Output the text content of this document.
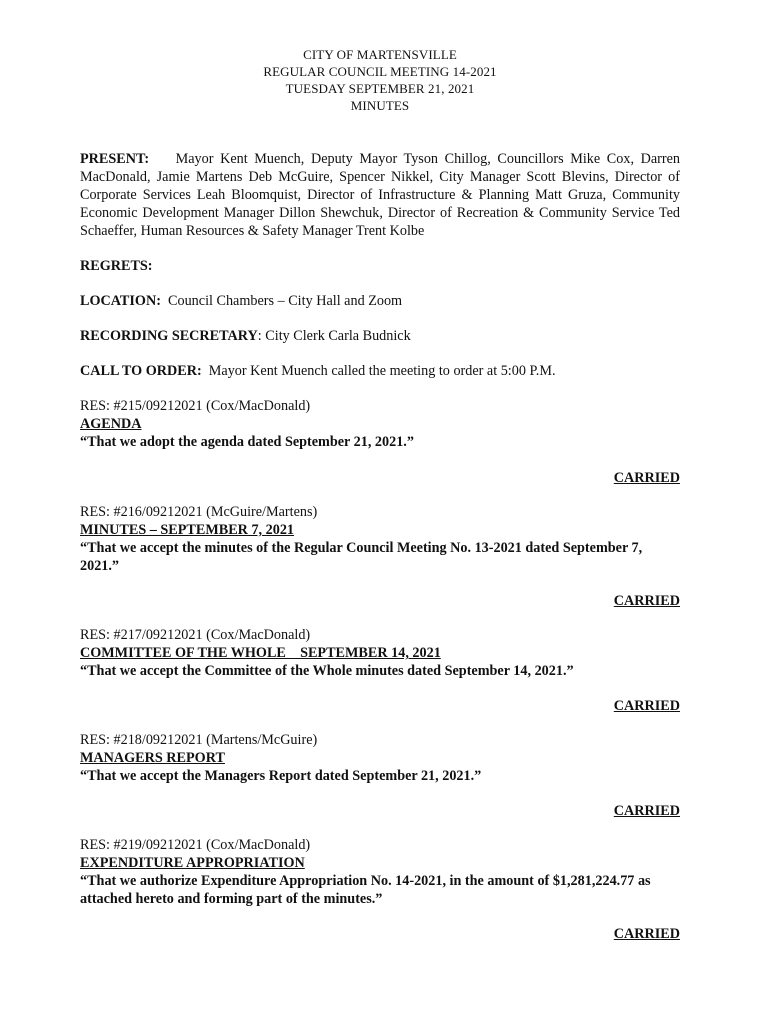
CITY OF MARTENSVILLE
REGULAR COUNCIL MEETING 14-2021
TUESDAY SEPTEMBER 21, 2021
MINUTES

PRESENT: Mayor Kent Muench, Deputy Mayor Tyson Chillog, Councillors Mike Cox, Darren MacDonald, Jamie Martens Deb McGuire, Spencer Nikkel, City Manager Scott Blevins, Director of Corporate Services Leah Bloomquist, Director of Infrastructure & Planning Matt Gruza, Community Economic Development Manager Dillon Shewchuk, Director of Recreation & Community Service Ted Schaeffer, Human Resources & Safety Manager Trent Kolbe

REGRETS:

LOCATION: Council Chambers – City Hall and Zoom

RECORDING SECRETARY: City Clerk Carla Budnick

CALL TO ORDER: Mayor Kent Muench called the meeting to order at 5:00 P.M.

RES: #215/09212021 (Cox/MacDonald)
AGENDA
“That we adopt the agenda dated September 21, 2021.”
CARRIED
RES: #216/09212021 (McGuire/Martens)
MINUTES – SEPTEMBER 7, 2021
“That we accept the minutes of the Regular Council Meeting No. 13-2021 dated September 7, 2021.”
CARRIED
RES: #217/09212021 (Cox/MacDonald)
COMMITTEE OF THE WHOLE    SEPTEMBER 14, 2021
“That we accept the Committee of the Whole minutes dated September 14, 2021.”
CARRIED
RES: #218/09212021 (Martens/McGuire)
MANAGERS REPORT
“That we accept the Managers Report dated September 21, 2021.”
CARRIED
RES: #219/09212021 (Cox/MacDonald)
EXPENDITURE APPROPRIATION
“That we authorize Expenditure Appropriation No. 14-2021, in the amount of $1,281,224.77 as attached hereto and forming part of the minutes.”
CARRIED
